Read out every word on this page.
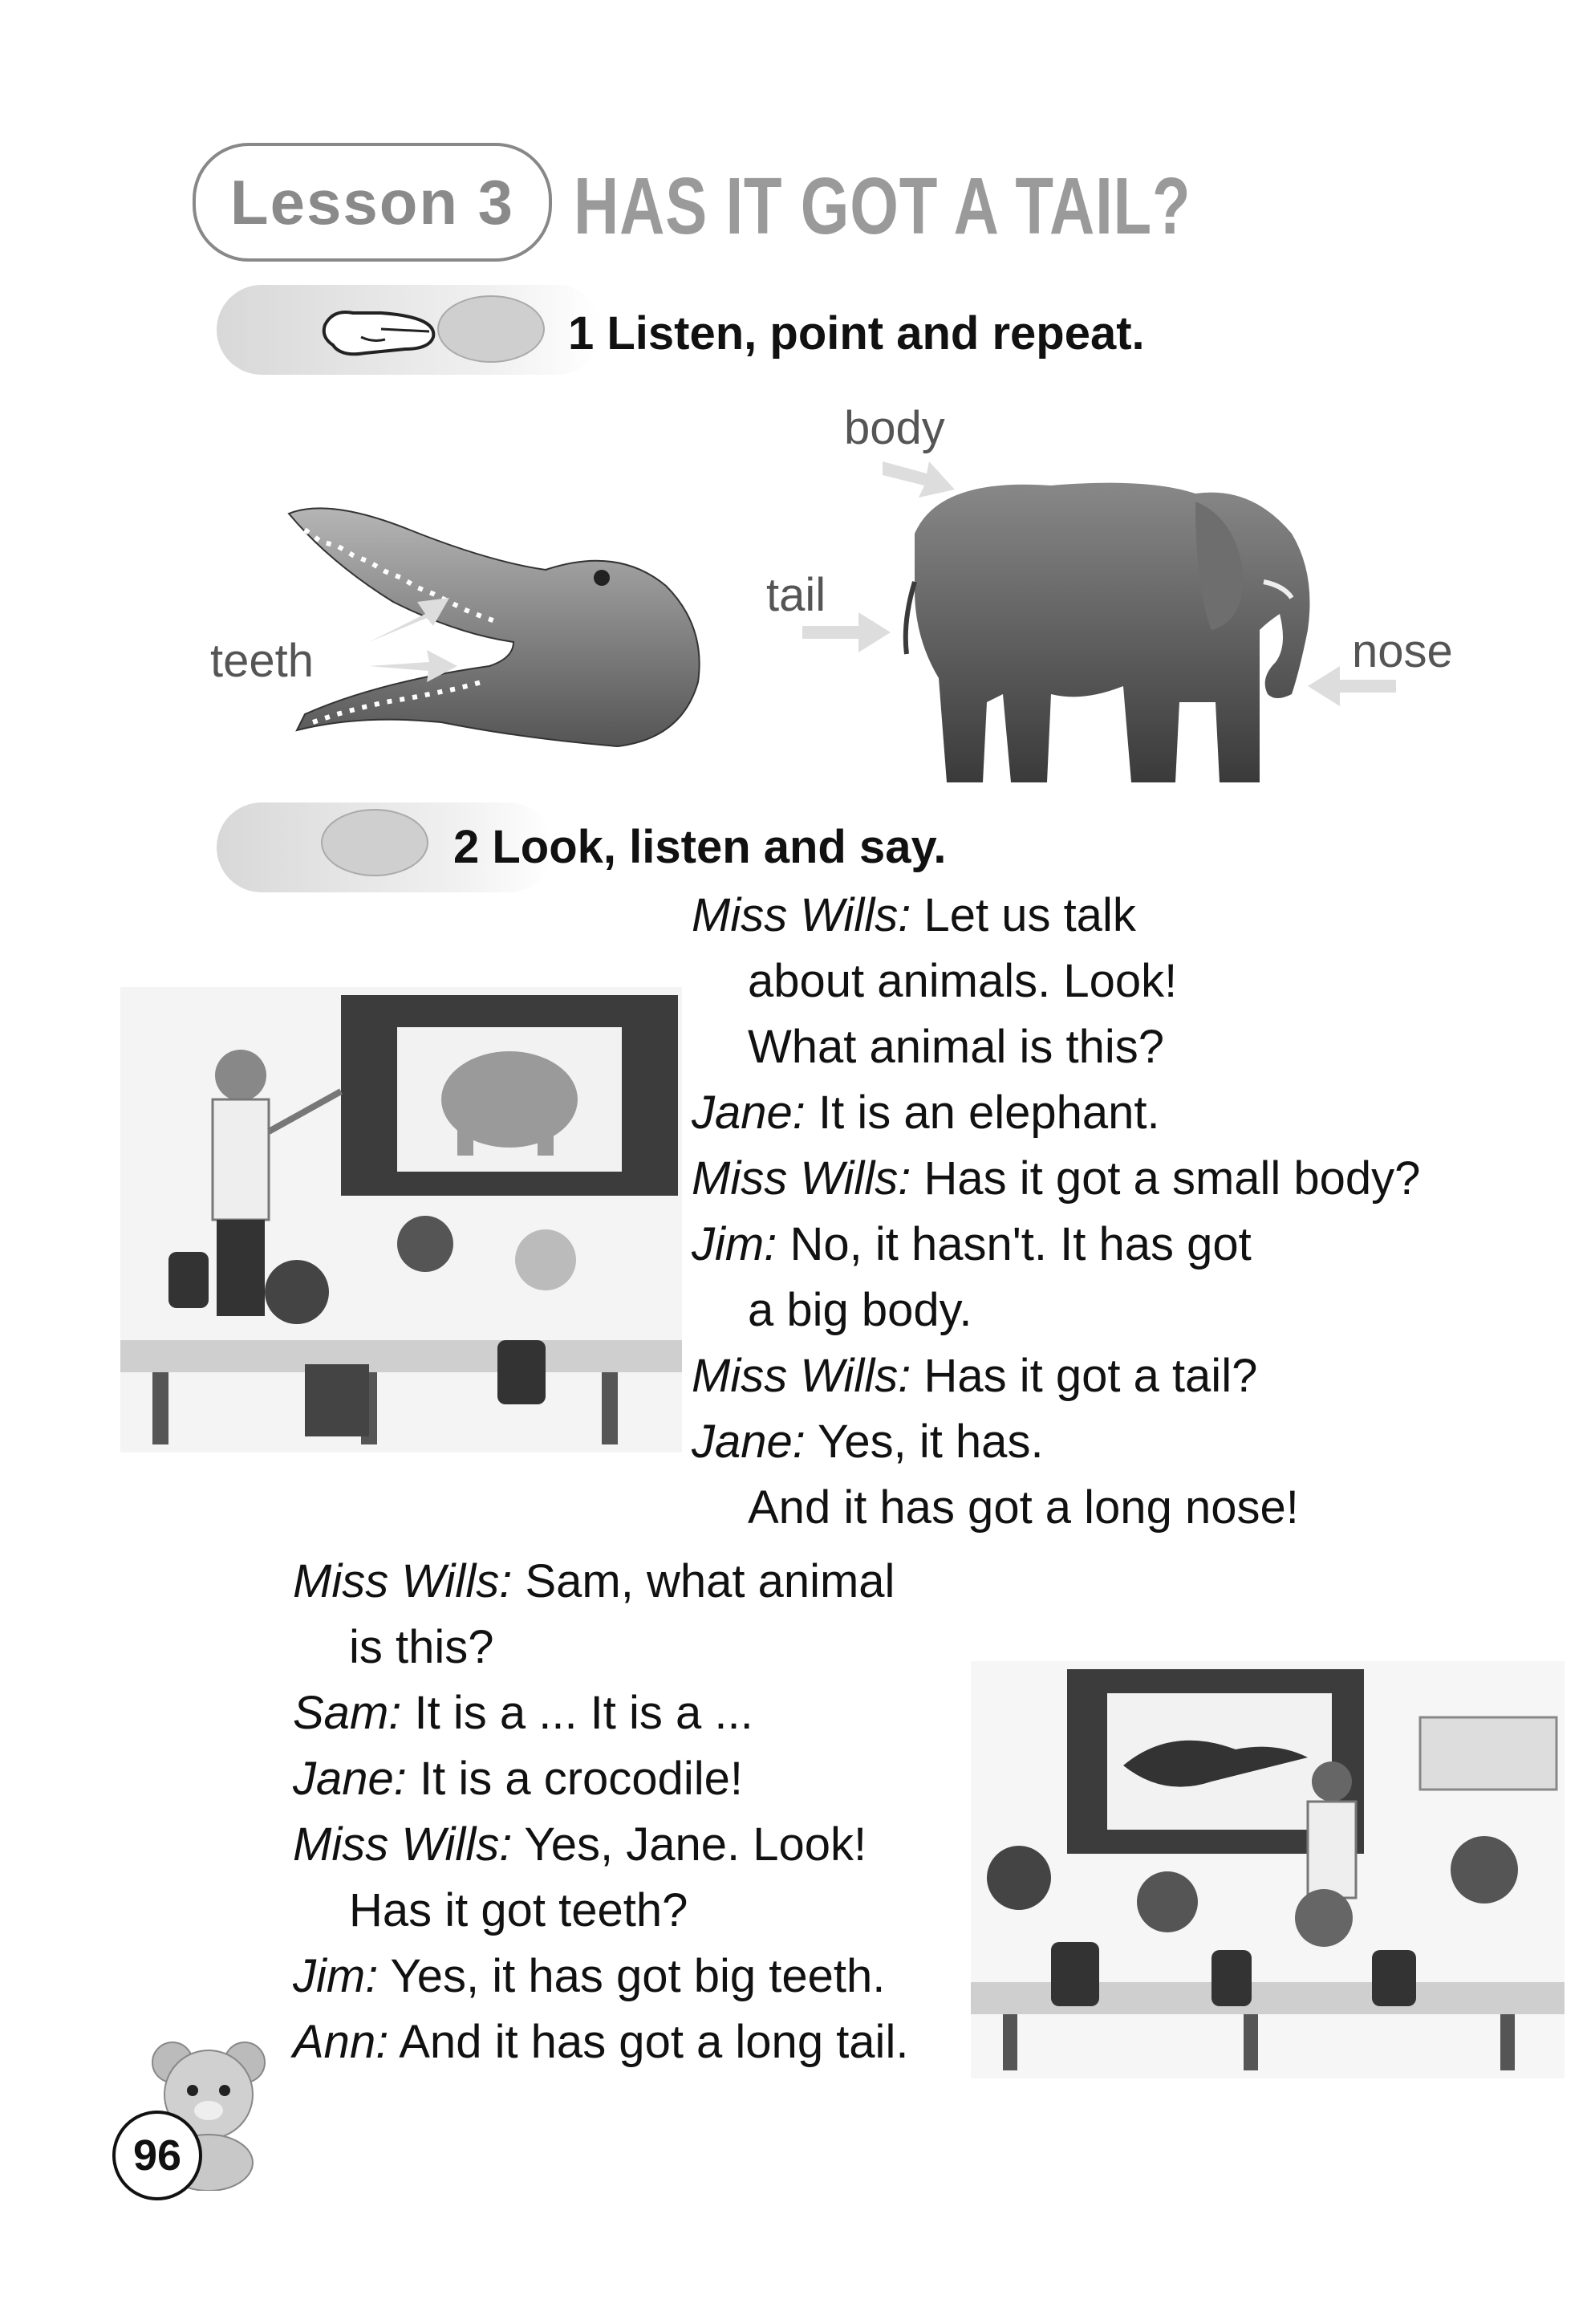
Lesson 3 HAS IT GOT A TAIL?
1 Listen, point and repeat.
teeth
body
tail
nose
2 Look, listen and say.
Miss Wills: Let us talk
about animals. Look!
What animal is this?
Jane: It is an elephant.
Miss Wills: Has it got a small body?
Jim: No, it hasn't. It has got
a big body.
Miss Wills: Has it got a tail?
Jane: Yes, it has.
And it has got a long nose!
Miss Wills: Sam, what animal
is this?
Sam: It is a ... It is a ...
Jane: It is a crocodile!
Miss Wills: Yes, Jane. Look!
Has it got teeth?
Jim: Yes, it has got big teeth.
Ann: And it has got a long tail.
96
